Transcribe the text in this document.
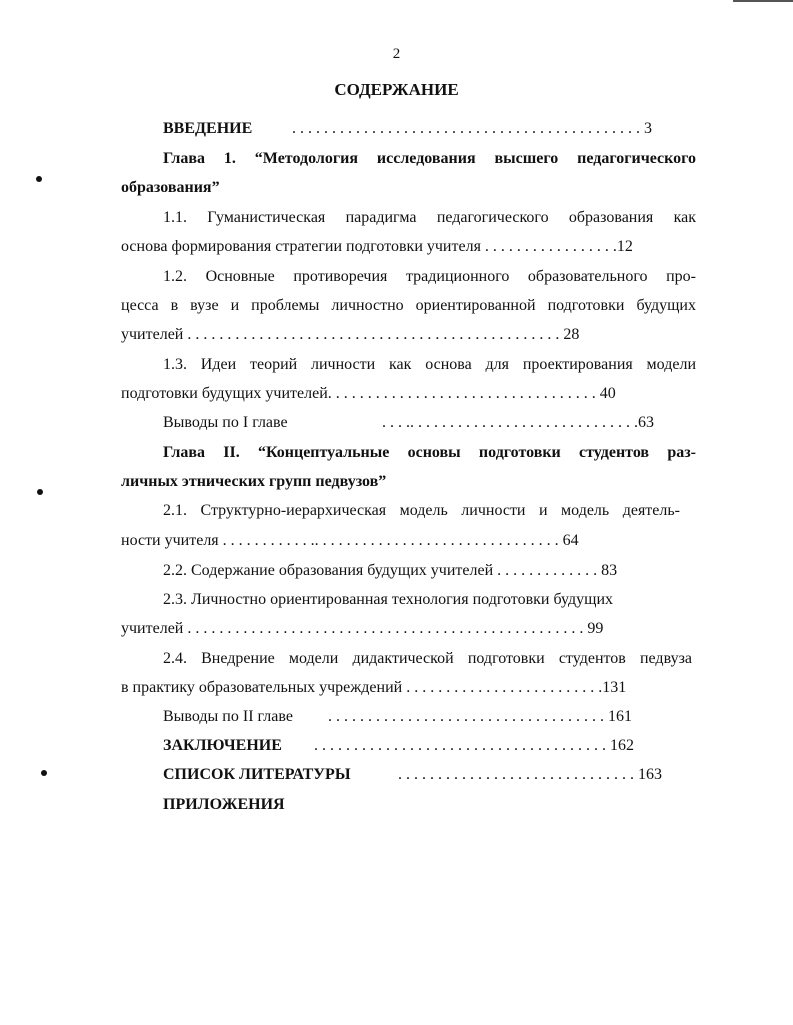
2
СОДЕРЖАНИЕ
ВВЕДЕНИЕ . . . . . . . . . . . . . . . . . . . . . . . . . . . . . . . . . . . . . . . . . . . . 3
Глава 1. “Методология исследования высшего педагогического
образования”
1.1. Гуманистическая парадигма педагогического образования как
основа формирования стратегии подготовки учителя . . . . . . . . . . . . . . . . .12
1.2. Основные противоречия традиционного образовательного про-
цесса в вузе и проблемы личностно ориентированной подготовки будущих
учителей . . . . . . . . . . . . . . . . . . . . . . . . . . . . . . . . . . . . . . . . . . . . . . . 28
1.3. Идеи теорий личности как основа для проектирования модели
подготовки будущих учителей. . . . . . . . . . . . . . . . . . . . . . . . . . . . . . . . . . 40
Выводы по I главе	. . . .. . . . . . . . . . . . . . . . . . . . . . . . . . . . .63
Глава II. “Концептуальные основы подготовки студентов раз-
личных этнических групп педвузов”
2.1. Структурно-иерархическая модель личности и модель деятель-
ности учителя . . . . . . . . . . . .. . . . . . . . . . . . . . . . . . . . . . . . . . . . . . . 64
2.2. Содержание образования будущих учителей . . . . . . . . . . . . . 83
2.3. Личностно ориентированная технология подготовки будущих
учителей . . . . . . . . . . . . . . . . . . . . . . . . . . . . . . . . . . . . . . . . . . . . . . . . . . 99
2.4. Внедрение модели дидактической подготовки студентов педвуза
в практику образовательных учреждений . . . . . . . . . . . . . . . . . . . . . . . . .131
Выводы по II главе . . . . . . . . . . . . . . . . . . . . . . . . . . . . . . . . . . . 161
ЗАКЛЮЧЕНИЕ . . . . . . . . . . . . . . . . . . . . . . . . . . . . . . . . . . . . . 162
СПИСОК ЛИТЕРАТУРЫ	. . . . . . . . . . . . . . . . . . . . . . . . . . . . . . 163
ПРИЛОЖЕНИЯ
